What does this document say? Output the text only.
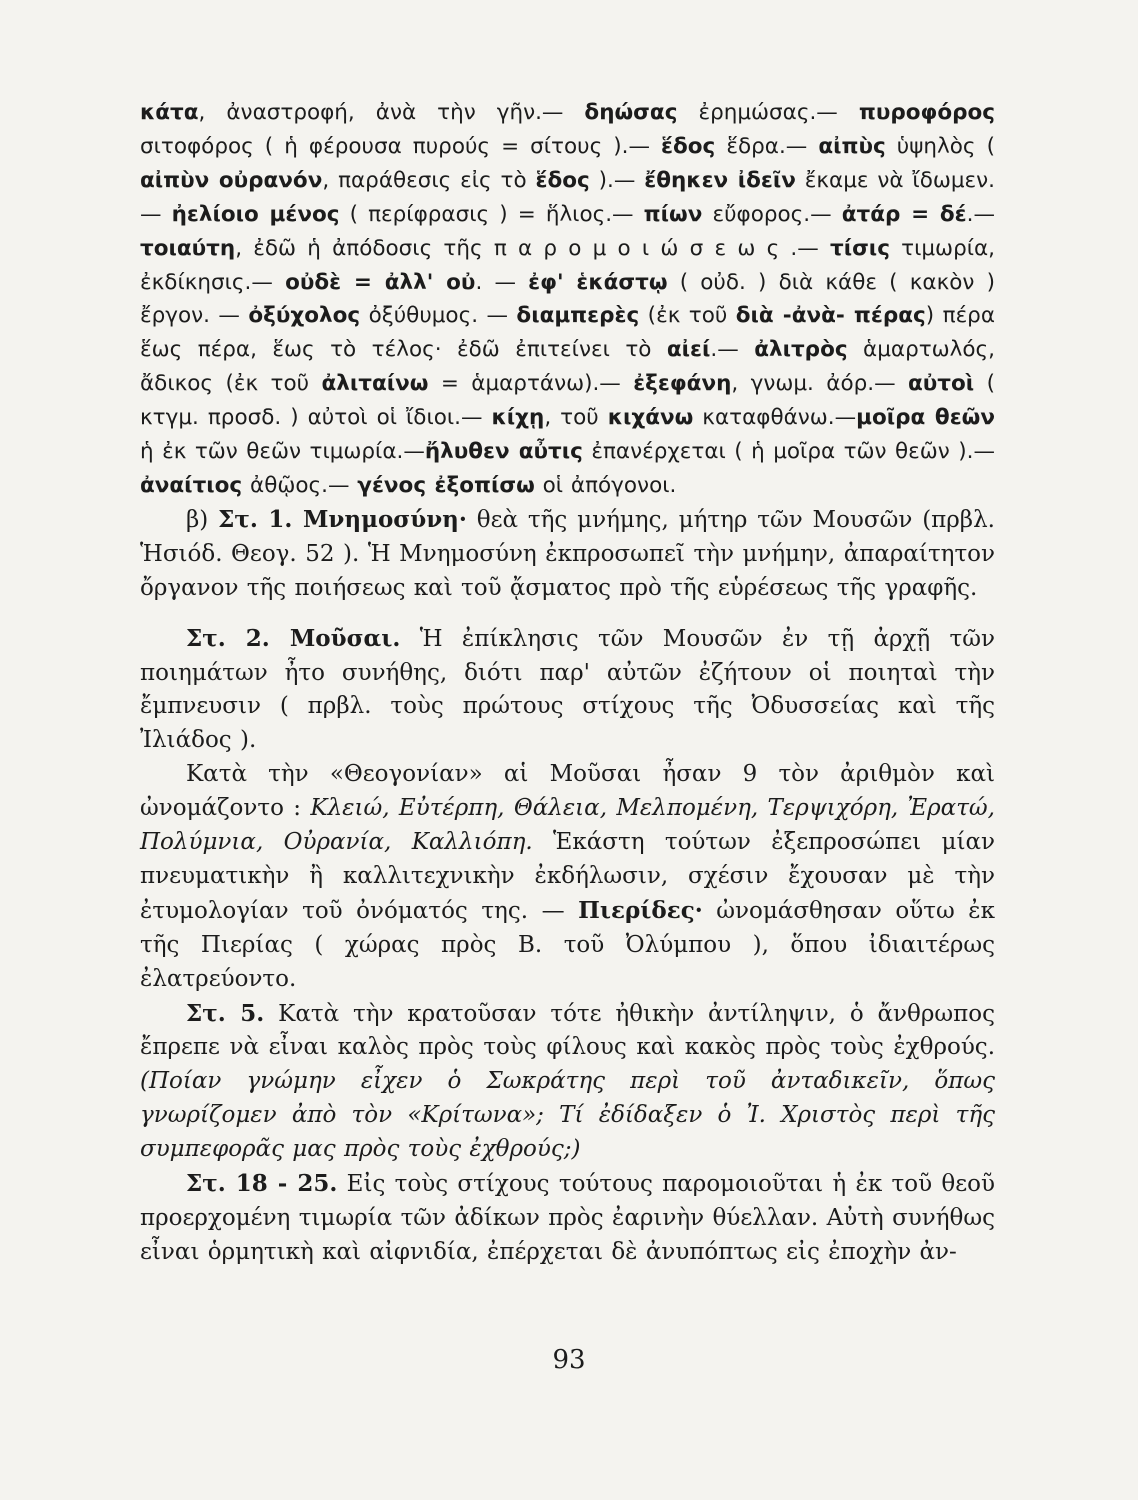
κάτα, ἀναστροφή, ἀνὰ τὴν γῆν.— δηώσας ἐρημώσας.— πυροφόρος σιτοφόρος ( ἡ φέρουσα πυρούς = σίτους ).— ἕδος ἕδρα.— αἰπὺς ὑψηλὸς ( αἰπὺν οὐρανόν, παράθεσις εἰς τὸ ἕδος ).— ἔθηκεν ἰδεῖν ἔκαμε νὰ ἴδωμεν.— ἠελίοιο μένος ( περίφρασις ) = ἥλιος.— πίων εὔφορος.— ἀτάρ = δέ.— τοιαύτη, ἐδῶ ἡ ἀπόδοσις τῆς π α ρ ο μ ο ι ώ σ ε ω ς .— τίσις τιμωρία, ἐκδίκησις.— οὐδὲ = ἀλλ' οὐ. — ἐφ' ἑκάστῳ ( οὐδ. ) διὰ κάθε ( κακὸν ) ἔργον. — ὀξύχολος ὀξύθυμος. — διαμπερὲς (ἐκ τοῦ διὰ -ἀνὰ- πέρας) πέρα ἕως πέρα, ἕως τὸ τέλος· ἐδῶ ἐπιτείνει τὸ αἰεί.— ἀλιτρὸς ἁμαρτωλός, ἄδικος (ἐκ τοῦ ἀλιταίνω = ἁμαρτάνω).— ἐξεφάνη, γνωμ. ἀόρ.— αὐτοὶ ( κτγμ. προσδ. ) αὐτοὶ οἱ ἴδιοι.— κίχῃ, τοῦ κιχάνω καταφθάνω.—μοῖρα θεῶν ἡ ἐκ τῶν θεῶν τιμωρία.—ἤλυθεν αὖτις ἐπανέρχεται ( ἡ μοῖρα τῶν θεῶν ).—ἀναίτιος ἀθῷος.— γένος ἐξοπίσω οἱ ἀπόγονοι.

β) Στ. 1. Μνημοσύνη· θεὰ τῆς μνήμης, μήτηρ τῶν Μουσῶν (πρβλ. Ἡσιόδ. Θεογ. 52 ). Ἡ Μνημοσύνη ἐκπροσωπεῖ τὴν μνήμην, ἀπαραίτητον ὄργανον τῆς ποιήσεως καὶ τοῦ ᾄσματος πρὸ τῆς εὑρέσεως τῆς γραφῆς.

Στ. 2. Μοῦσαι. Ἡ ἐπίκλησις τῶν Μουσῶν ἐν τῇ ἀρχῇ τῶν ποιημάτων ἦτο συνήθης, διότι παρ' αὐτῶν ἐζήτουν οἱ ποιηταὶ τὴν ἔμπνευσιν ( πρβλ. τοὺς πρώτους στίχους τῆς Ὀδυσσείας καὶ τῆς Ἰλιάδος ).

Κατὰ τὴν «Θεογονίαν» αἱ Μοῦσαι ἦσαν 9 τὸν ἀριθμὸν καὶ ὠνομάζοντο : Κλειώ, Εὐτέρπη, Θάλεια, Μελπομένη, Τερψιχόρη, Ἐρατώ, Πολύμνια, Οὐρανία, Καλλιόπη. Ἑκάστη τούτων ἐξεπροσώπει μίαν πνευματικὴν ἢ καλλιτεχνικὴν ἐκδήλωσιν, σχέσιν ἔχουσαν μὲ τὴν ἐτυμολογίαν τοῦ ὀνόματός της. — Πιερίδες· ὠνομάσθησαν οὕτω ἐκ τῆς Πιερίας ( χώρας πρὸς Β. τοῦ Ὀλύμπου ), ὅπου ἰδιαιτέρως ἐλατρεύοντο.

Στ. 5. Κατὰ τὴν κρατοῦσαν τότε ἠθικὴν ἀντίληψιν, ὁ ἄνθρωπος ἔπρεπε νὰ εἶναι καλὸς πρὸς τοὺς φίλους καὶ κακὸς πρὸς τοὺς ἐχθρούς. (Ποίαν γνώμην εἶχεν ὁ Σωκράτης περὶ τοῦ ἀνταδικεῖν, ὅπως γνωρίζομεν ἀπὸ τὸν «Κρίτωνα»; Τί ἐδίδαξεν ὁ Ἰ. Χριστὸς περὶ τῆς συμπεφορᾶς μας πρὸς τοὺς ἐχθρούς;)

Στ. 18 - 25. Εἰς τοὺς στίχους τούτους παρομοιοῦται ἡ ἐκ τοῦ θεοῦ προερχομένη τιμωρία τῶν ἀδίκων πρὸς ἐαρινὴν θύελλαν. Αὐτὴ συνήθως εἶναι ὁρμητικὴ καὶ αἰφνιδία, ἐπέρχεται δὲ ἀνυπόπτως εἰς ἐποχὴν ἀν-

93
